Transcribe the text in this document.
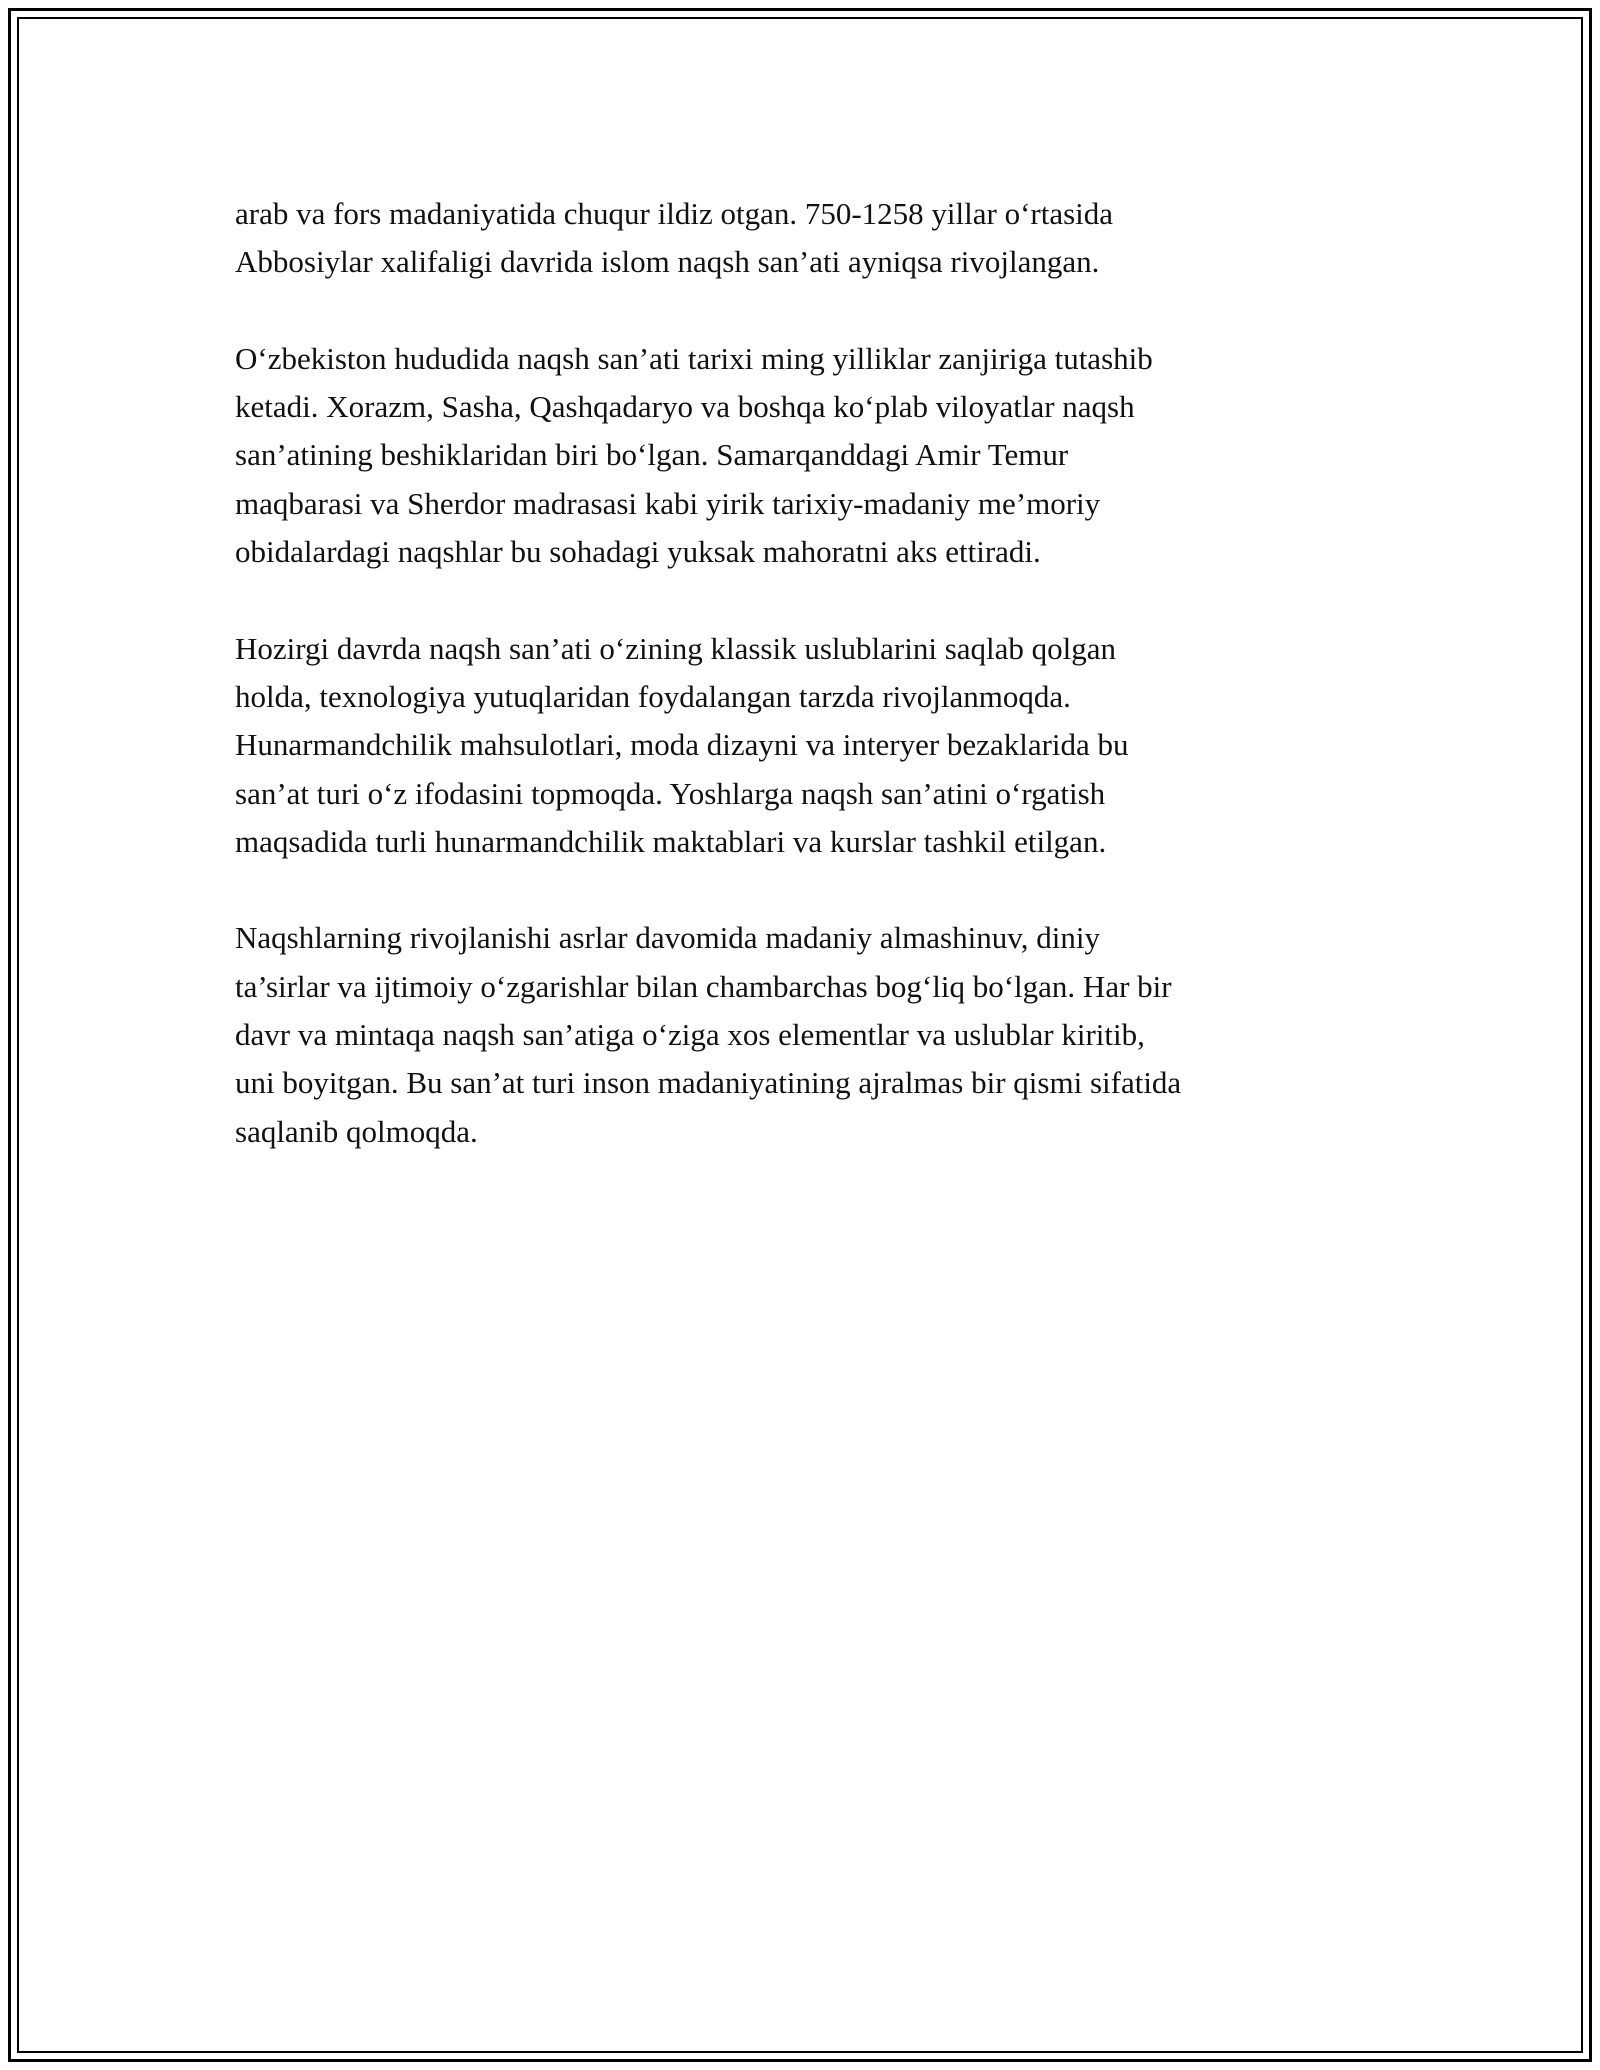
arab va fors madaniyatida chuqur ildiz otgan. 750-1258 yillar o‘rtasida
Abbosiylar xalifaligi davrida islom naqsh san’ati ayniqsa rivojlangan.

O‘zbekiston hududida naqsh san’ati tarixi ming yilliklar zanjiriga tutashib
ketadi. Xorazm, Sasha, Qashqadaryo va boshqa ko‘plab viloyatlar naqsh
san’atining beshiklaridan biri bo‘lgan. Samarqanddagi Amir Temur
maqbarasi va Sherdor madrasasi kabi yirik tarixiy-madaniy me’moriy
obidalardagi naqshlar bu sohadagi yuksak mahoratni aks ettiradi.

Hozirgi davrda naqsh san’ati o‘zining klassik uslublarini saqlab qolgan
holda, texnologiya yutuqlaridan foydalangan tarzda rivojlanmoqda.
Hunarmandchilik mahsulotlari, moda dizayni va interyer bezaklarida bu
san’at turi o‘z ifodasini topmoqda. Yoshlarga naqsh san’atini o‘rgatish
maqsadida turli hunarmandchilik maktablari va kurslar tashkil etilgan.

Naqshlarning rivojlanishi asrlar davomida madaniy almashinuv, diniy
ta’sirlar va ijtimoiy o‘zgarishlar bilan chambarchas bog‘liq bo‘lgan. Har bir
davr va mintaqa naqsh san’atiga o‘ziga xos elementlar va uslublar kiritib,
uni boyitgan. Bu san’at turi inson madaniyatining ajralmas bir qismi sifatida
saqlanib qolmoqda.
